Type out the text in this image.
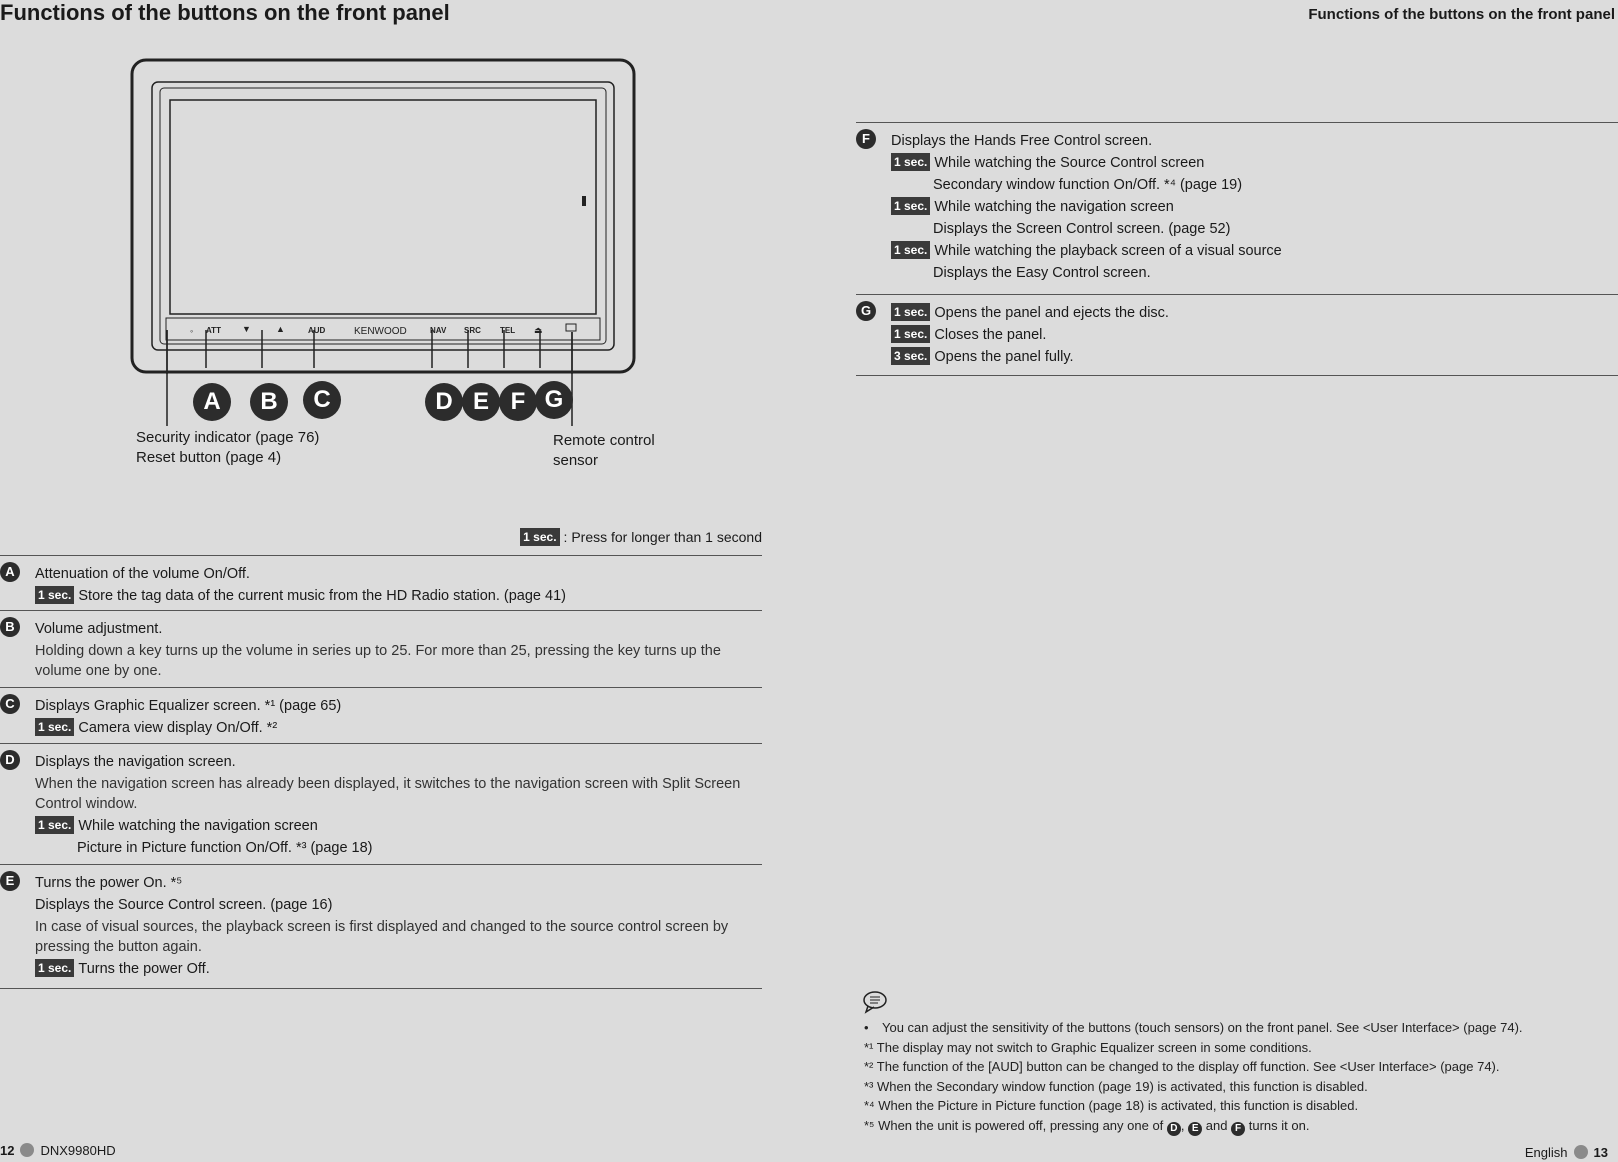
Functions of the buttons on the front panel	Functions of the buttons on the front panel
◦ ATT ▼	▲	AUD	KENWOOD	NAV SRC TEL ⏏
A	B	C	D E F G
Security indicator (page 76)
Reset button (page 4)
Remote control
sensor
1 sec. : Press for longer than 1 second
A	Attenuation of the volume On/Off.
1 sec. Store the tag data of the current music from the HD Radio station. (page 41)
B	Volume adjustment.
Holding down a key turns up the volume in series up to 25. For more than 25, pressing the key turns up the volume one by one.
C	Displays Graphic Equalizer screen. *¹ (page 65)
1 sec. Camera view display On/Off. *²
D	Displays the navigation screen.
When the navigation screen has already been displayed, it switches to the navigation screen with Split Screen Control window.
1 sec. While watching the navigation screen
Picture in Picture function On/Off. *³ (page 18)
E	Turns the power On. *⁵
Displays the Source Control screen. (page 16)
In case of visual sources, the playback screen is first displayed and changed to the source control screen by pressing the button again.
1 sec. Turns the power Off.
F	Displays the Hands Free Control screen.
1 sec. While watching the Source Control screen
Secondary window function On/Off. *⁴ (page 19)
1 sec. While watching the navigation screen
Displays the Screen Control screen. (page 52)
1 sec. While watching the playback screen of a visual source
Displays the Easy Control screen.
G	1 sec. Opens the panel and ejects the disc.
1 sec. Closes the panel.
3 sec. Opens the panel fully.
• You can adjust the sensitivity of the buttons (touch sensors) on the front panel. See <User Interface> (page 74).
*¹ The display may not switch to Graphic Equalizer screen in some conditions.
*² The function of the [AUD] button can be changed to the display off function. See <User Interface> (page 74).
*³ When the Secondary window function (page 19) is activated, this function is disabled.
*⁴ When the Picture in Picture function (page 18) is activated, this function is disabled.
*⁵ When the unit is powered off, pressing any one of D , E and F turns it on.
12 DNX9980HD	English 13
